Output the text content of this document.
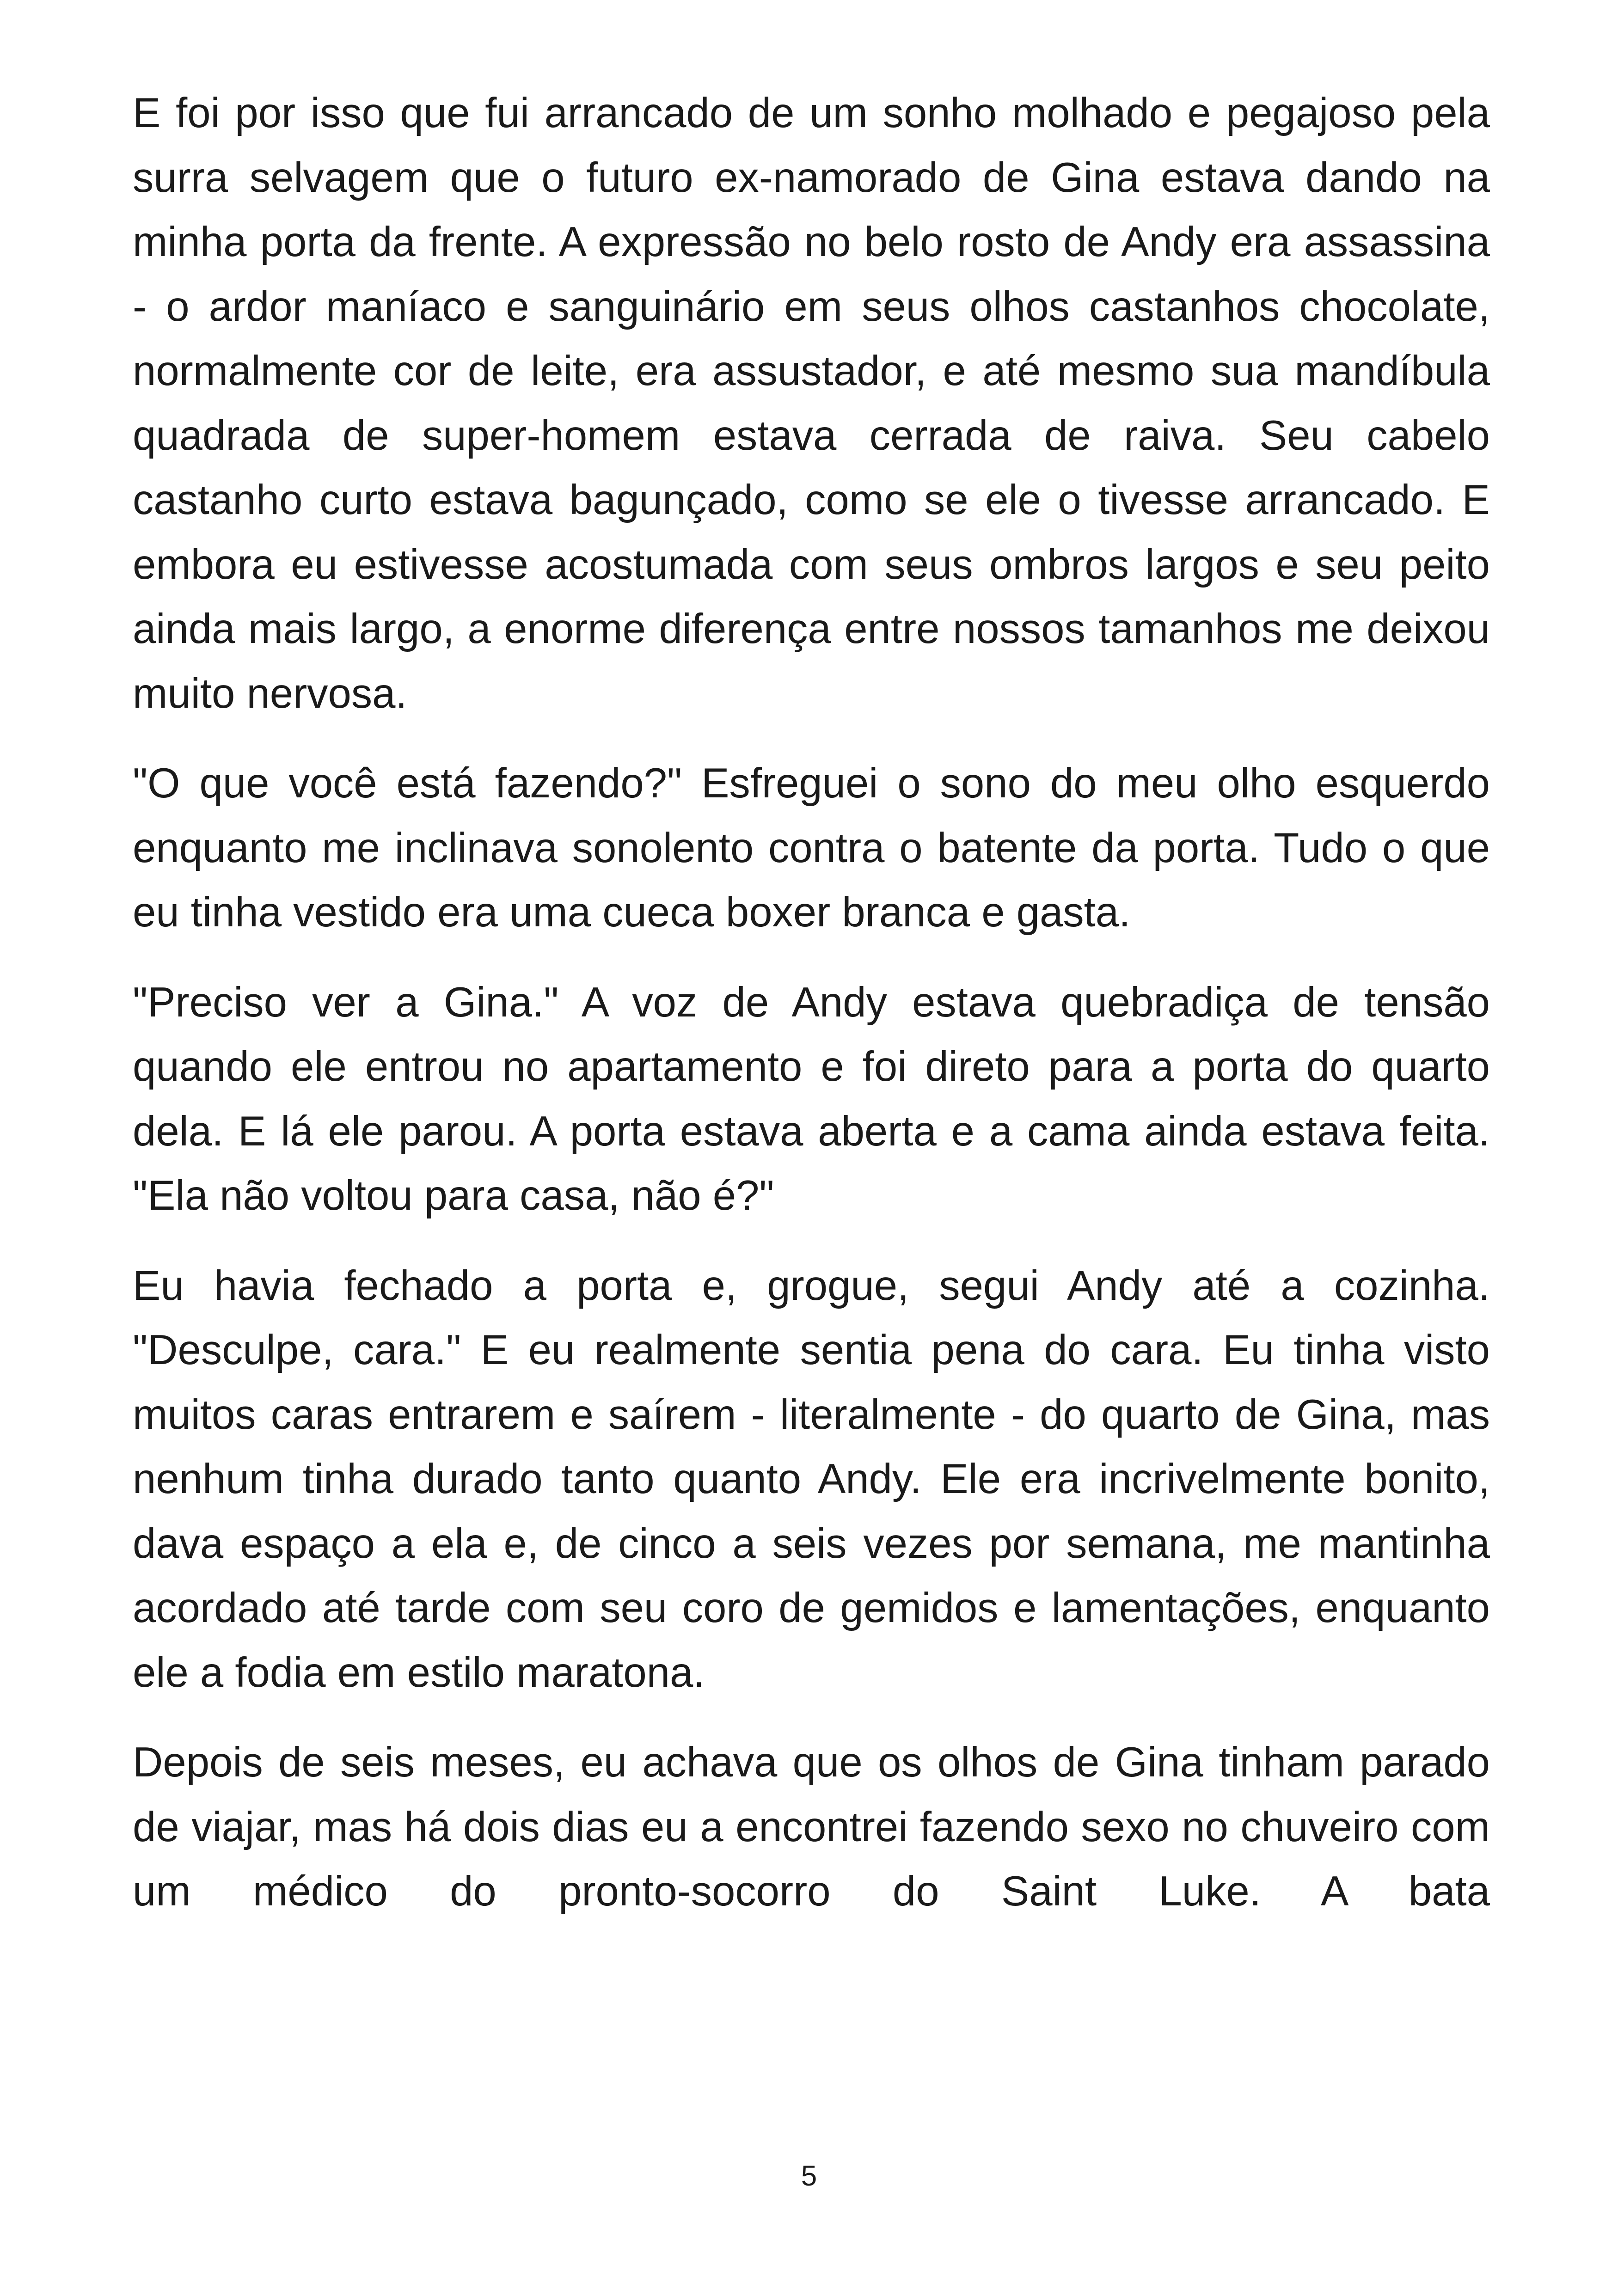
E foi por isso que fui arrancado de um sonho molhado e pegajoso pela surra selvagem que o futuro ex-namorado de Gina estava dando na minha porta da frente. A expressão no belo rosto de Andy era assassina - o ardor maníaco e sanguinário em seus olhos castanhos chocolate, normalmente cor de leite, era assustador, e até mesmo sua mandíbula quadrada de super-homem estava cerrada de raiva. Seu cabelo castanho curto estava bagunçado, como se ele o tivesse arrancado. E embora eu estivesse acostumada com seus ombros largos e seu peito ainda mais largo, a enorme diferença entre nossos tamanhos me deixou muito nervosa.

"O que você está fazendo?" Esfreguei o sono do meu olho esquerdo enquanto me inclinava sonolento contra o batente da porta. Tudo o que eu tinha vestido era uma cueca boxer branca e gasta.

"Preciso ver a Gina." A voz de Andy estava quebradiça de tensão quando ele entrou no apartamento e foi direto para a porta do quarto dela. E lá ele parou. A porta estava aberta e a cama ainda estava feita. "Ela não voltou para casa, não é?"

Eu havia fechado a porta e, grogue, segui Andy até a cozinha. "Desculpe, cara." E eu realmente sentia pena do cara. Eu tinha visto muitos caras entrarem e saírem - literalmente - do quarto de Gina, mas nenhum tinha durado tanto quanto Andy. Ele era incrivelmente bonito, dava espaço a ela e, de cinco a seis vezes por semana, me mantinha acordado até tarde com seu coro de gemidos e lamentações, enquanto ele a fodia em estilo maratona.

Depois de seis meses, eu achava que os olhos de Gina tinham parado de viajar, mas há dois dias eu a encontrei fazendo sexo no chuveiro com um médico do pronto-socorro do Saint Luke. A bata

5
